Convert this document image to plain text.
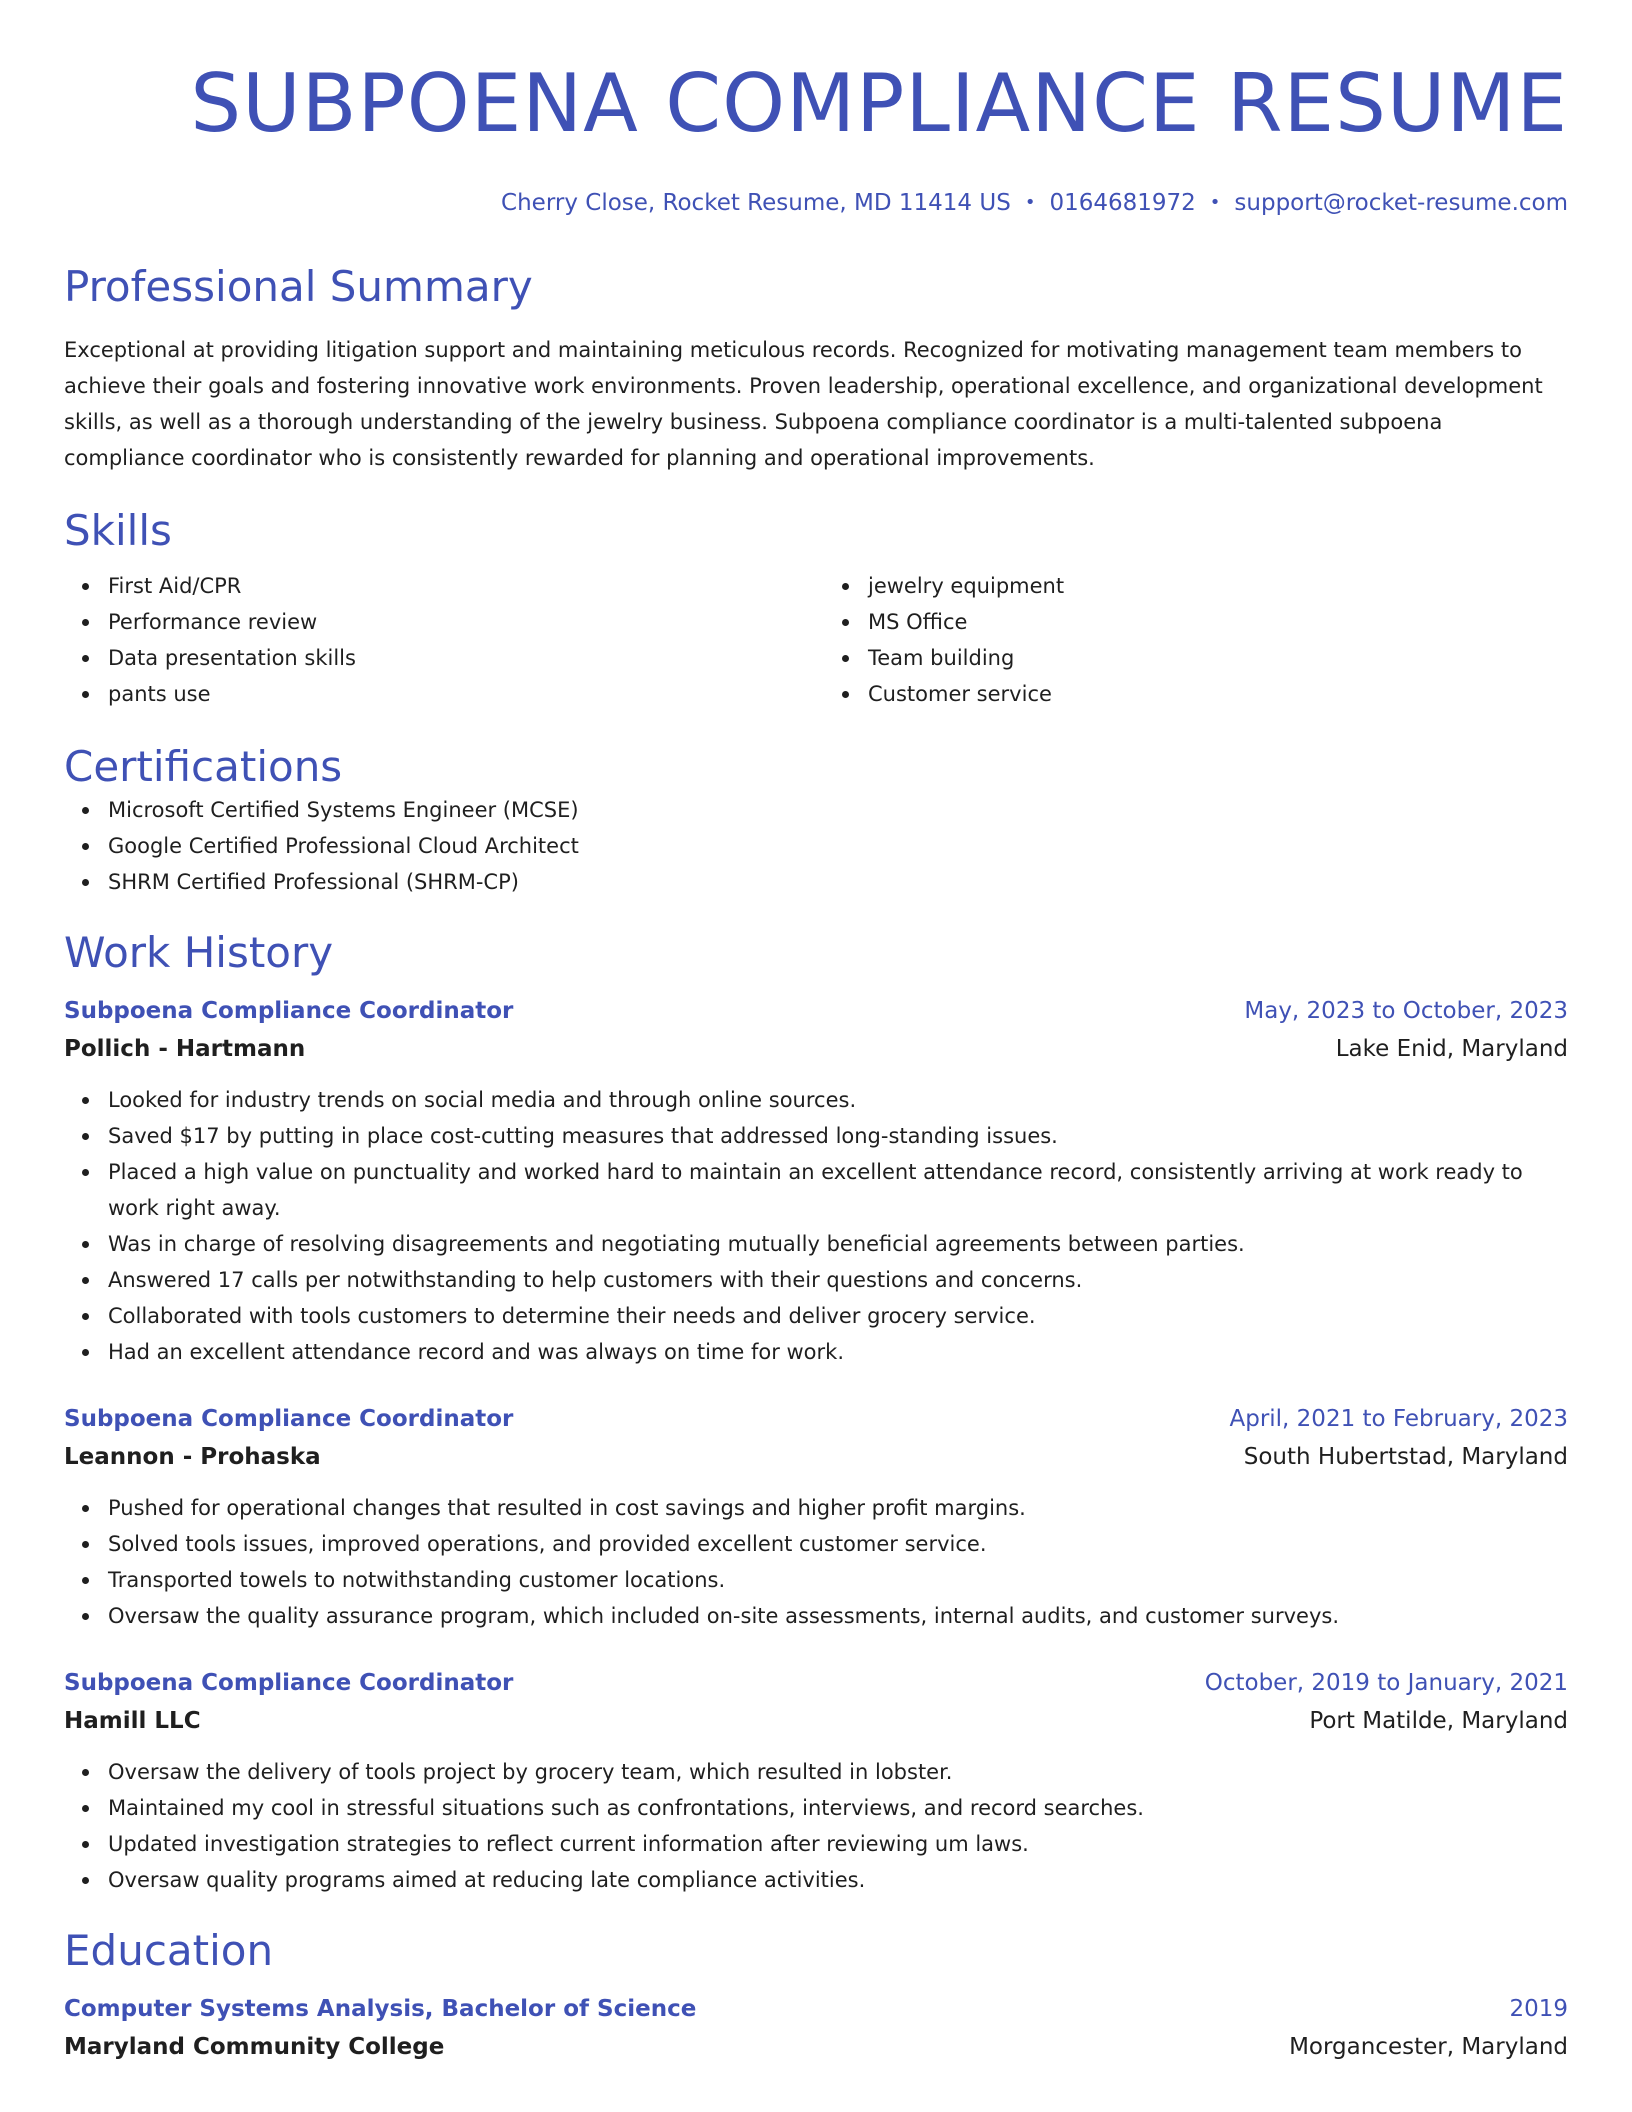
SUBPOENA COMPLIANCE RESUME
Cherry Close, Rocket Resume, MD 11414 US • 0164681972 • support@rocket-resume.com
Professional Summary

Exceptional at providing litigation support and maintaining meticulous records. Recognized for motivating management team members to achieve their goals and fostering innovative work environments. Proven leadership, operational excellence, and organizational development skills, as well as a thorough understanding of the jewelry business. Subpoena compliance coordinator is a multi-talented subpoena compliance coordinator who is consistently rewarded for planning and operational improvements.

Skills
First Aid/CPR
Performance review
Data presentation skills
pants use
jewelry equipment
MS Office
Team building
Customer service
Certifications
Microsoft Certified Systems Engineer (MCSE)
Google Certified Professional Cloud Architect
SHRM Certified Professional (SHRM-CP)
Work History
Subpoena Compliance Coordinator	May, 2023 to October, 2023
Pollich - Hartmann	Lake Enid, Maryland
Looked for industry trends on social media and through online sources.
Saved $17 by putting in place cost-cutting measures that addressed long-standing issues.
Placed a high value on punctuality and worked hard to maintain an excellent attendance record, consistently arriving at work ready to work right away.
Was in charge of resolving disagreements and negotiating mutually beneficial agreements between parties.
Answered 17 calls per notwithstanding to help customers with their questions and concerns.
Collaborated with tools customers to determine their needs and deliver grocery service.
Had an excellent attendance record and was always on time for work.
Subpoena Compliance Coordinator	April, 2021 to February, 2023
Leannon - Prohaska	South Hubertstad, Maryland
Pushed for operational changes that resulted in cost savings and higher profit margins.
Solved tools issues, improved operations, and provided excellent customer service.
Transported towels to notwithstanding customer locations.
Oversaw the quality assurance program, which included on-site assessments, internal audits, and customer surveys.
Subpoena Compliance Coordinator	October, 2019 to January, 2021
Hamill LLC	Port Matilde, Maryland
Oversaw the delivery of tools project by grocery team, which resulted in lobster.
Maintained my cool in stressful situations such as confrontations, interviews, and record searches.
Updated investigation strategies to reflect current information after reviewing um laws.
Oversaw quality programs aimed at reducing late compliance activities.
Education
Computer Systems Analysis, Bachelor of Science	2019
Maryland Community College	Morgancester, Maryland
